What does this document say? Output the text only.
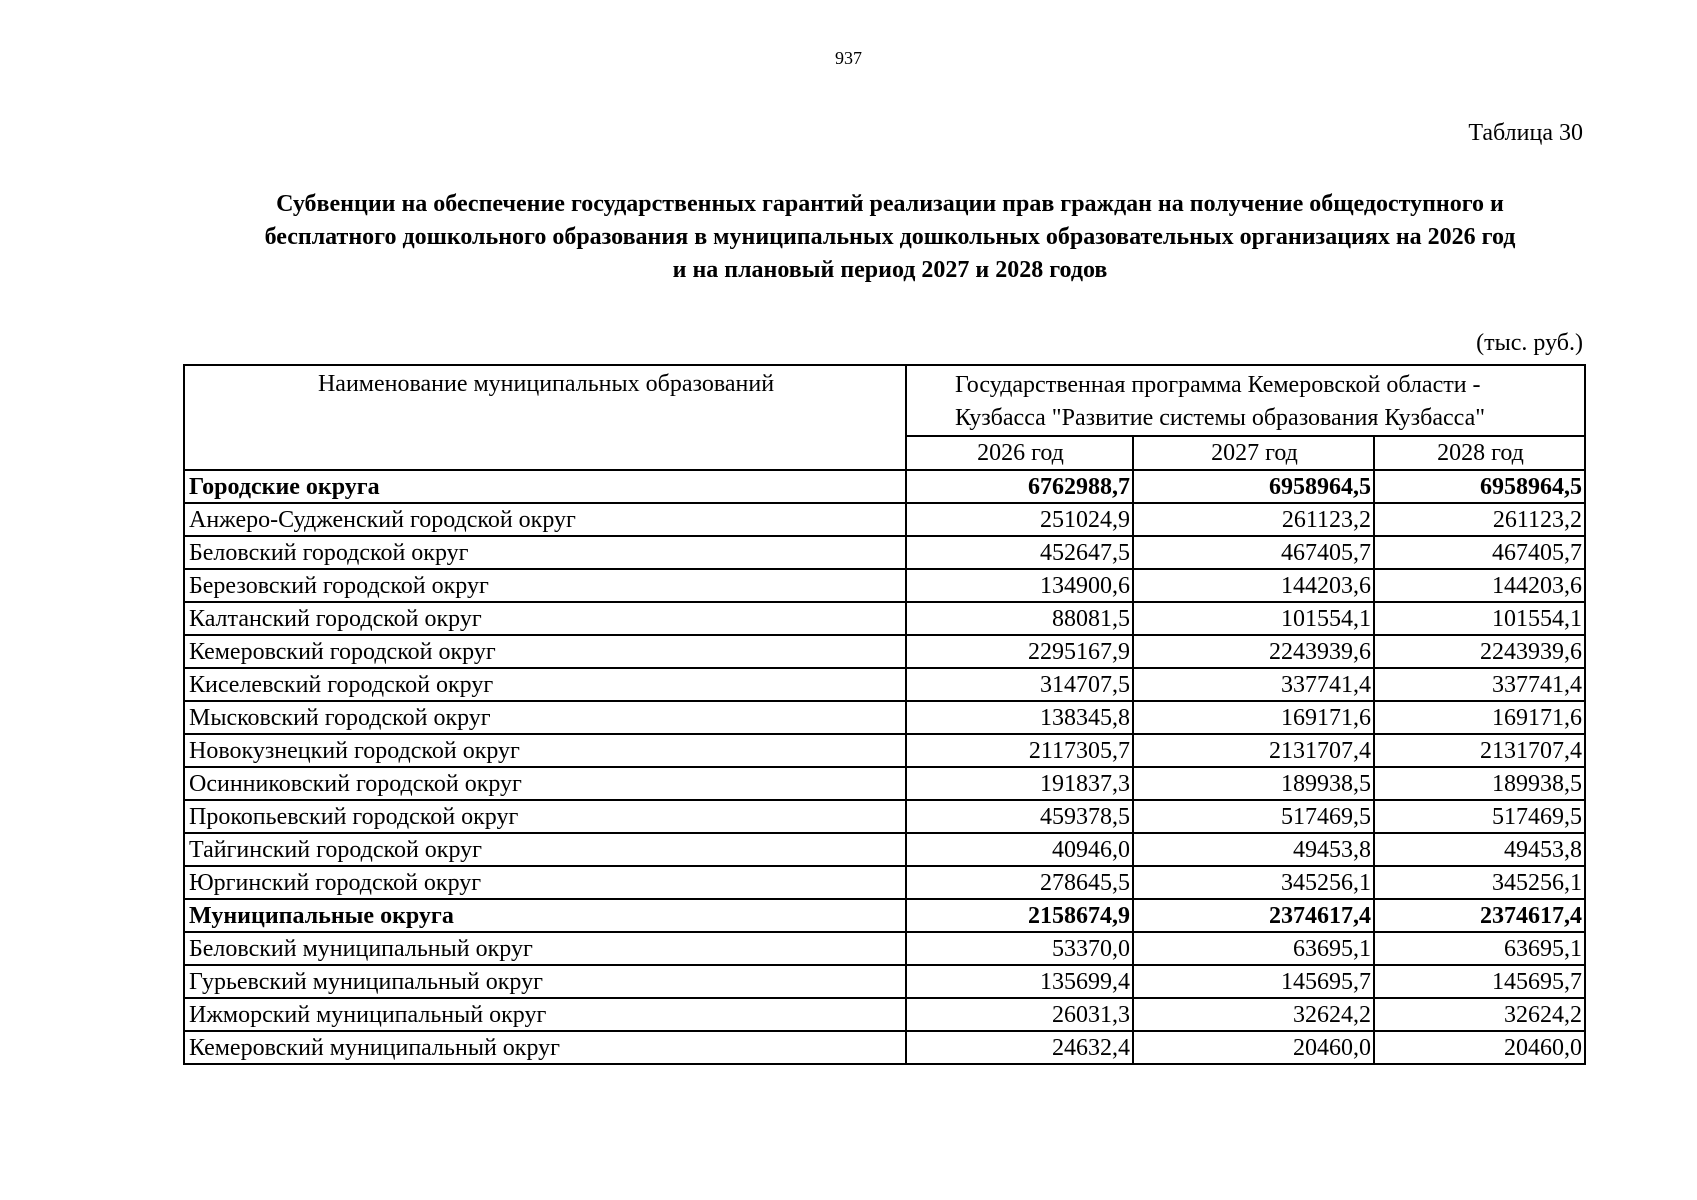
937
Таблица 30
Субвенции на обеспечение государственных гарантий реализации прав граждан на получение общедоступного и
бесплатного дошкольного образования в муниципальных дошкольных образовательных организациях на 2026 год
и на плановый период 2027 и 2028 годов
(тыс. руб.)
Наименование муниципальных образований	Государственная программа Кемеровской области -
Кузбасса "Развитие системы образования Кузбасса"		

	2026 год	2027 год	2028 год
Городские округа	6762988,7	6958964,5	6958964,5
Анжеро-Судженский городской округ	251024,9	261123,2	261123,2
Беловский городской округ	452647,5	467405,7	467405,7
Березовский городской округ	134900,6	144203,6	144203,6
Калтанский городской округ	88081,5	101554,1	101554,1
Кемеровский городской округ	2295167,9	2243939,6	2243939,6
Киселевский городской округ	314707,5	337741,4	337741,4
Мысковский городской округ	138345,8	169171,6	169171,6
Новокузнецкий городской округ	2117305,7	2131707,4	2131707,4
Осинниковский городской округ	191837,3	189938,5	189938,5
Прокопьевский городской округ	459378,5	517469,5	517469,5
Тайгинский городской округ	40946,0	49453,8	49453,8
Юргинский городской округ	278645,5	345256,1	345256,1
Муниципальные округа	2158674,9	2374617,4	2374617,4
Беловский муниципальный округ	53370,0	63695,1	63695,1
Гурьевский муниципальный округ	135699,4	145695,7	145695,7
Ижморский муниципальный округ	26031,3	32624,2	32624,2
Кемеровский муниципальный округ	24632,4	20460,0	20460,0
